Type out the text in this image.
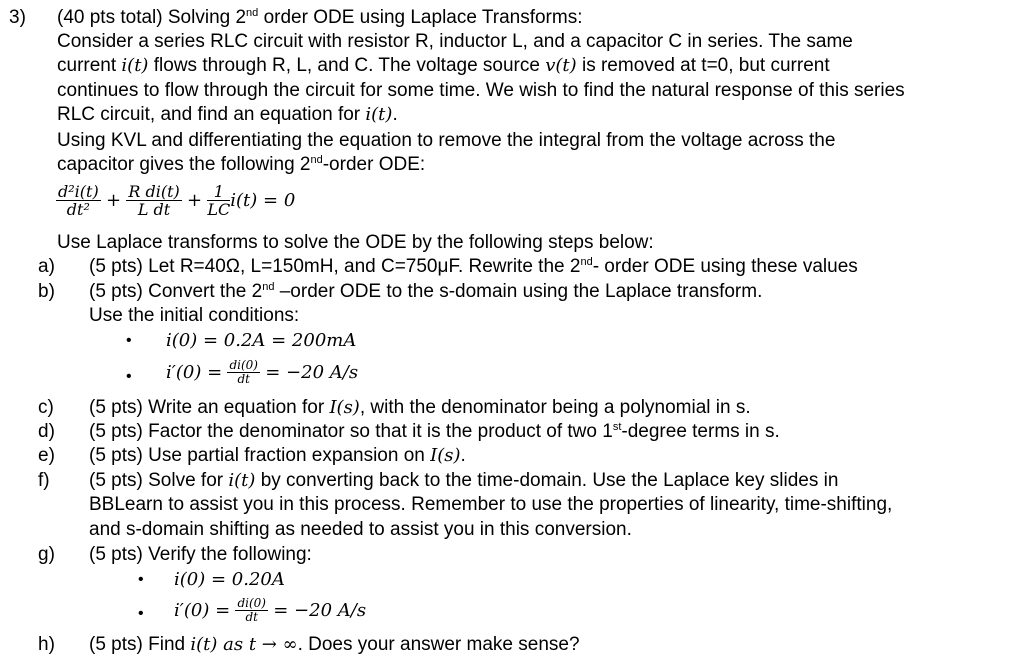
3) (40 pts total) Solving 2nd order ODE using Laplace Transforms:
Consider a series RLC circuit with resistor R, inductor L, and a capacitor C in series. The same
current i(t) flows through R, L, and C. The voltage source v(t) is removed at t=0, but current
continues to flow through the circuit for some time. We wish to find the natural response of this series
RLC circuit, and find an equation for i(t).
Using KVL and differentiating the equation to remove the integral from the voltage across the
capacitor gives the following 2nd-order ODE:
$\frac{\text{d²i(t)}}{\text{dt²}} + \frac{\text{R di(t)}}{\text{L dt}} + \frac{1}{LC} i(t) = 0$
Use Laplace transforms to solve the ODE by the following steps below:
a) (5 pts) Let R=40Ω, L=150mH, and C=750μF. Rewrite the 2nd- order ODE using these values
b) (5 pts) Convert the 2nd –order ODE to the s-domain using the Laplace transform.
Use the initial conditions:
• i(0) = 0.2A = 200mA
• $i'(0) = \frac{di(0)}{dt} = -20$ A/s
c) (5 pts) Write an equation for I(s), with the denominator being a polynomial in s.
d) (5 pts) Factor the denominator so that it is the product of two 1st-degree terms in s.
e) (5 pts) Use partial fraction expansion on I(s).
f) (5 pts) Solve for i(t) by converting back to the time-domain. Use the Laplace key slides in
BBLearn to assist you in this process. Remember to use the properties of linearity, time-shifting,
and s-domain shifting as needed to assist you in this conversion.
g) (5 pts) Verify the following:
• i(0) = 0.20A
• $i'(0) = \frac{di(0)}{dt} = -20$ A/s
h) (5 pts) Find i(t) as t → ∞. Does your answer make sense?
